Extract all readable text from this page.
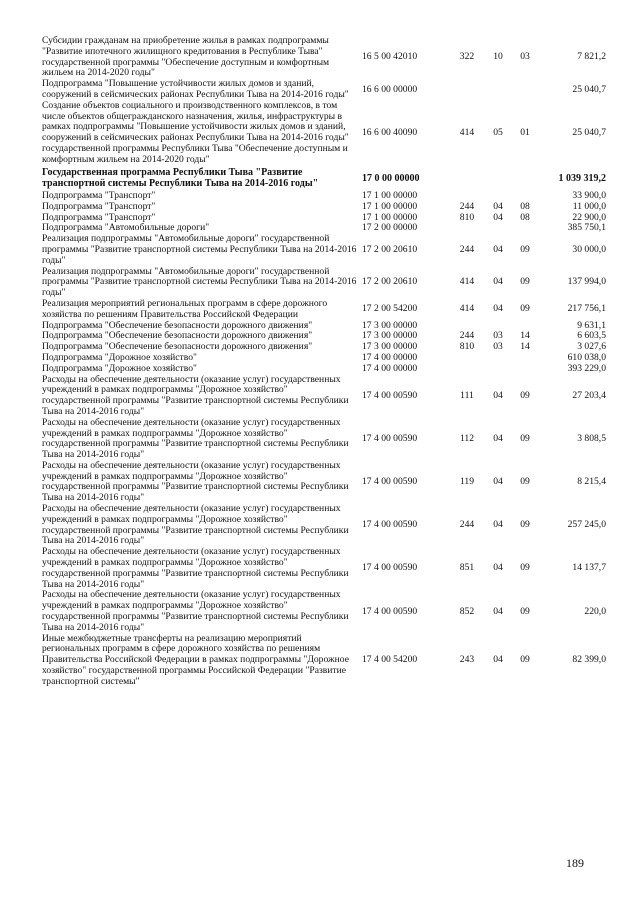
Субсидии гражданам на приобретение жилья в рамках подпрограммы "Развитие ипотечного жилищного кредитования в Республике Тыва" государственной программы "Обеспечение доступным и комфортным жильем на 2014-2020 годы"	16 5 00 42010	322	10	03	7 821,2
Подпрограмма "Повышение устойчивости жилых домов и зданий, сооружений в сейсмических районах Республики Тыва на 2014-2016 годы"	16 6 00 00000				25 040,7
Создание объектов социального и производственного комплексов, в том числе объектов общегражданского назначения, жилья, инфраструктуры в рамках подпрограммы "Повышение устойчивости жилых домов и зданий, сооружений в сейсмических районах Республики Тыва на 2014-2016 годы" государственной программы Республики Тыва "Обеспечение доступным и комфортным жильем на 2014-2020 годы"	16 6 00 40090	414	05	01	25 040,7
Государственная программа Республики Тыва "Развитие транспортной системы Республики Тыва на 2014-2016 годы"	17 0 00 00000				1 039 319,2
Подпрограмма "Транспорт"	17 1 00 00000				33 900,0
Подпрограмма "Транспорт"	17 1 00 00000	244	04	08	11 000,0
Подпрограмма "Транспорт"	17 1 00 00000	810	04	08	22 900,0
Подпрограмма "Автомобильные дороги"	17 2 00 00000				385 750,1
Реализация подпрограммы "Автомобильные дороги" государственной программы "Развитие транспортной системы Республики Тыва на 2014-2016 годы"	17 2 00 20610	244	04	09	30 000,0
Реализация подпрограммы "Автомобильные дороги" государственной программы "Развитие транспортной системы Республики Тыва на 2014-2016 годы"	17 2 00 20610	414	04	09	137 994,0
Реализация мероприятий региональных программ в сфере дорожного хозяйства по решениям Правительства Российской Федерации	17 2 00 54200	414	04	09	217 756,1
Подпрограмма "Обеспечение безопасности дорожного движения"	17 3 00 00000				9 631,1
Подпрограмма "Обеспечение безопасности дорожного движения"	17 3 00 00000	244	03	14	6 603,5
Подпрограмма "Обеспечение безопасности дорожного движения"	17 3 00 00000	810	03	14	3 027,6
Подпрограмма "Дорожное хозяйство"	17 4 00 00000				610 038,0
Подпрограмма "Дорожное хозяйство"	17 4 00 00000				393 229,0
Расходы на обеспечение деятельности (оказание услуг) государственных учреждений в рамках подпрограммы "Дорожное хозяйство" государственной программы "Развитие транспортной системы Республики Тыва на 2014-2016 годы"	17 4 00 00590	111	04	09	27 203,4
Расходы на обеспечение деятельности (оказание услуг) государственных учреждений в рамках подпрограммы "Дорожное хозяйство" государственной программы "Развитие транспортной системы Республики Тыва на 2014-2016 годы"	17 4 00 00590	112	04	09	3 808,5
Расходы на обеспечение деятельности (оказание услуг) государственных учреждений в рамках подпрограммы "Дорожное хозяйство" государственной программы "Развитие транспортной системы Республики Тыва на 2014-2016 годы"	17 4 00 00590	119	04	09	8 215,4
Расходы на обеспечение деятельности (оказание услуг) государственных учреждений в рамках подпрограммы "Дорожное хозяйство" государственной программы "Развитие транспортной системы Республики Тыва на 2014-2016 годы"	17 4 00 00590	244	04	09	257 245,0
Расходы на обеспечение деятельности (оказание услуг) государственных учреждений в рамках подпрограммы "Дорожное хозяйство" государственной программы "Развитие транспортной системы Республики Тыва на 2014-2016 годы"	17 4 00 00590	851	04	09	14 137,7
Расходы на обеспечение деятельности (оказание услуг) государственных учреждений в рамках подпрограммы "Дорожное хозяйство" государственной программы "Развитие транспортной системы Республики Тыва на 2014-2016 годы"	17 4 00 00590	852	04	09	220,0
Иные межбюджетные трансферты на реализацию мероприятий региональных программ в сфере дорожного хозяйства по решениям Правительства Российской Федерации в рамках подпрограммы "Дорожное хозяйство" государственной программы Российской Федерации "Развитие транспортной системы"	17 4 00 54200	243	04	09	82 399,0
189
